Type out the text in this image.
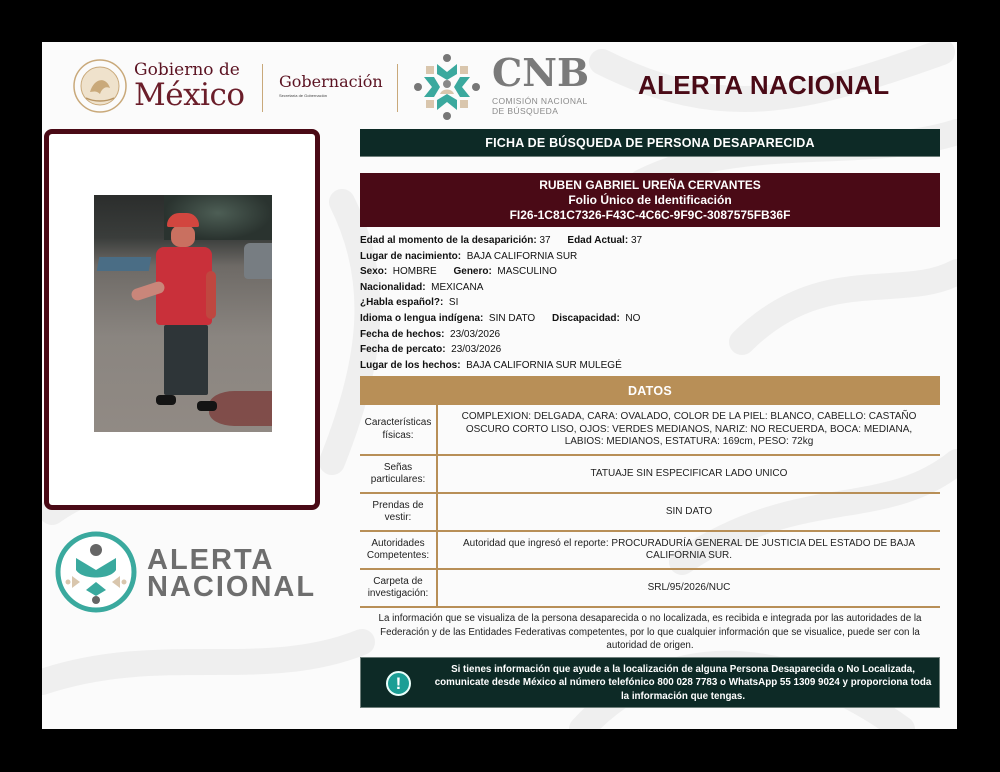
Gobierno de
México Gobernación
Secretaría de Gobernación
CNB
COMISIÓN NACIONAL
DE BÚSQUEDA
ALERTA NACIONAL
ALERTA
NACIONAL
FICHA DE BÚSQUEDA DE PERSONA DESAPARECIDA
RUBEN GABRIEL UREÑA CERVANTES
Folio Único de Identificación
FI26-1C81C7326-F43C-4C6C-9F9C-3087575FB36F
Edad al momento de la desaparición: 37 Edad Actual: 37
Lugar de nacimiento: BAJA CALIFORNIA SUR
Sexo: HOMBRE Genero: MASCULINO
Nacionalidad: MEXICANA
¿Habla español?: SI
Idioma o lengua indígena: SIN DATO Discapacidad: NO
Fecha de hechos: 23/03/2026
Fecha de percato: 23/03/2026
Lugar de los hechos: BAJA CALIFORNIA SUR MULEGÉ
DATOS
Características físicas:	COMPLEXION: DELGADA, CARA: OVALADO, COLOR DE LA PIEL: BLANCO, CABELLO: CASTAÑO OSCURO CORTO LISO, OJOS: VERDES MEDIANOS, NARIZ: NO RECUERDA, BOCA: MEDIANA, LABIOS: MEDIANOS, ESTATURA: 169cm, PESO: 72kg
Señas particulares:	TATUAJE SIN ESPECIFICAR LADO UNICO
Prendas de vestir:	SIN DATO
Autoridades Competentes:	Autoridad que ingresó el reporte: PROCURADURÍA GENERAL DE JUSTICIA DEL ESTADO DE BAJA CALIFORNIA SUR.
Carpeta de investigación:	SRL/95/2026/NUC
La información que se visualiza de la persona desaparecida o no localizada, es recibida e integrada por las autoridades de la Federación y de las Entidades Federativas competentes, por lo que cualquier información que se visualice, puede ser con la autoridad de origen.
!
Si tienes información que ayude a la localización de alguna Persona Desaparecida o No Localizada, comunicate desde México al número telefónico 800 028 7783 o WhatsApp 55 1309 9024 y proporciona toda la información que tengas.
